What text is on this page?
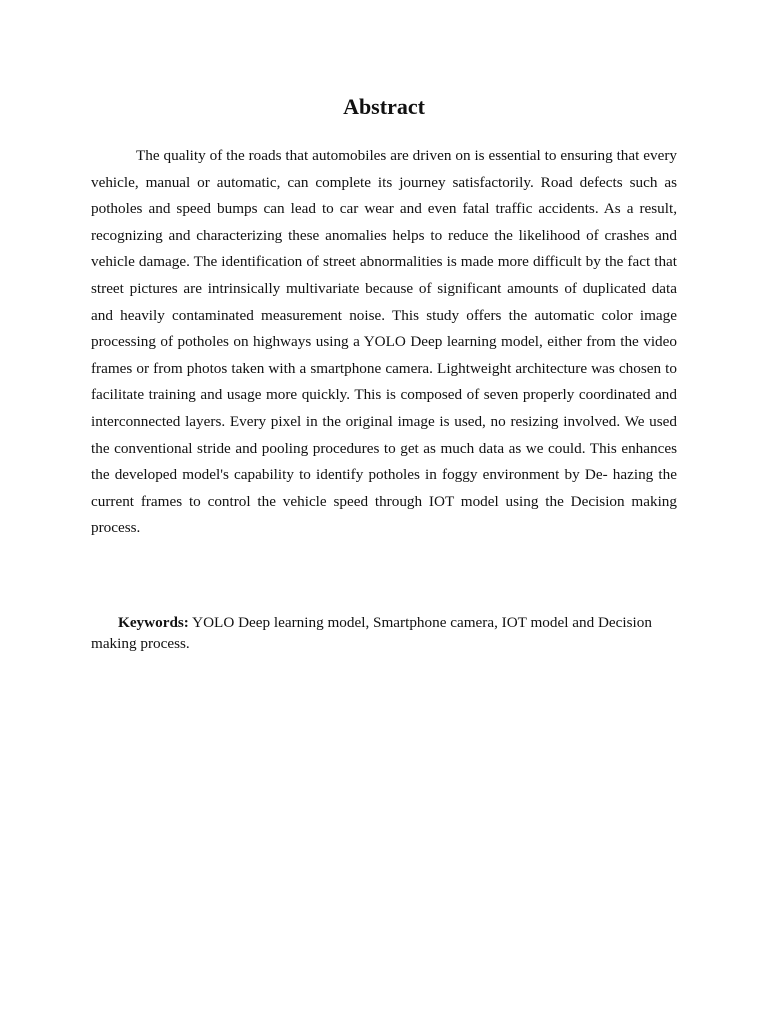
Abstract

The quality of the roads that automobiles are driven on is essential to ensuring that every vehicle, manual or automatic, can complete its journey satisfactorily. Road defects such as potholes and speed bumps can lead to car wear and even fatal traffic accidents. As a result, recognizing and characterizing these anomalies helps to reduce the likelihood of crashes and vehicle damage. The identification of street abnormalities is made more difficult by the fact that street pictures are intrinsically multivariate because of significant amounts of duplicated data and heavily contaminated measurement noise. This study offers the automatic color image processing of potholes on highways using a YOLO Deep learning model, either from the video frames or from photos taken with a smartphone camera. Lightweight architecture was chosen to facilitate training and usage more quickly. This is composed of seven properly coordinated and interconnected layers. Every pixel in the original image is used, no resizing involved. We used the conventional stride and pooling procedures to get as much data as we could. This enhances the developed model's capability to identify potholes in foggy environment by De- hazing the current frames to control the vehicle speed through IOT model using the Decision making process.

Keywords: YOLO Deep learning model, Smartphone camera, IOT model and Decision making process.
